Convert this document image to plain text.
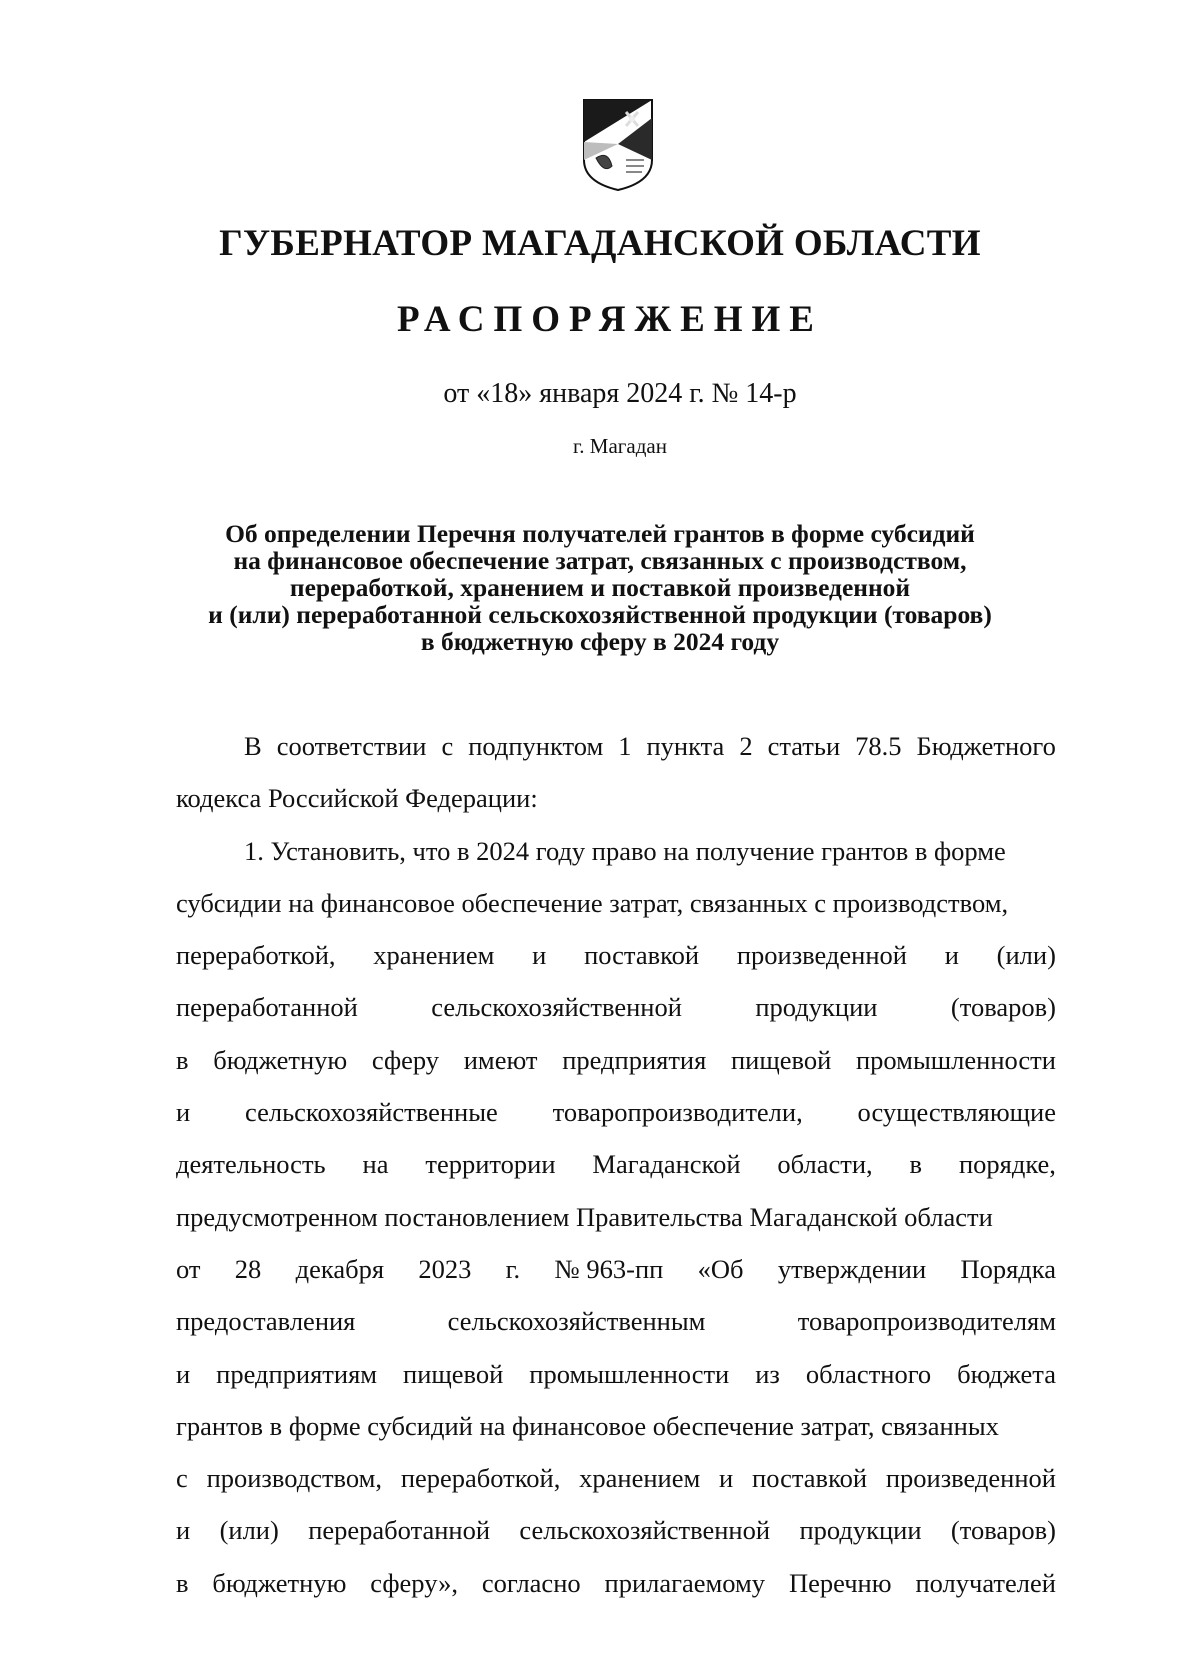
ГУБЕРНАТОР МАГАДАНСКОЙ ОБЛАСТИ
РАСПОРЯЖЕНИЕ
от «18» января 2024 г. № 14-р
г. Магадан
Об определении Перечня получателей грантов в форме субсидий
на финансовое обеспечение затрат, связанных с производством,
переработкой, хранением и поставкой произведенной
и (или) переработанной сельскохозяйственной продукции (товаров)
в бюджетную сферу в 2024 году
В соответствии с подпунктом 1 пункта 2 статьи 78.5 Бюджетного
кодекса Российской Федерации:
1. Установить, что в 2024 году право на получение грантов в форме
субсидии на финансовое обеспечение затрат, связанных с производством,
переработкой, хранением и поставкой произведенной и (или)
переработанной	сельскохозяйственной	продукции	(товаров)
в бюджетную сферу имеют предприятия пищевой промышленности
и сельскохозяйственные товаропроизводители, осуществляющие
деятельность на территории Магаданской области, в порядке,
предусмотренном постановлением Правительства Магаданской области
от 28 декабря 2023 г. № 963-пп «Об утверждении Порядка
предоставления	сельскохозяйственным	товаропроизводителям
и предприятиям пищевой промышленности из областного бюджета
грантов в форме субсидий на финансовое обеспечение затрат, связанных
с производством, переработкой, хранением и поставкой произведенной
и (или) переработанной сельскохозяйственной продукции (товаров)
в бюджетную сферу», согласно прилагаемому Перечню получателей
